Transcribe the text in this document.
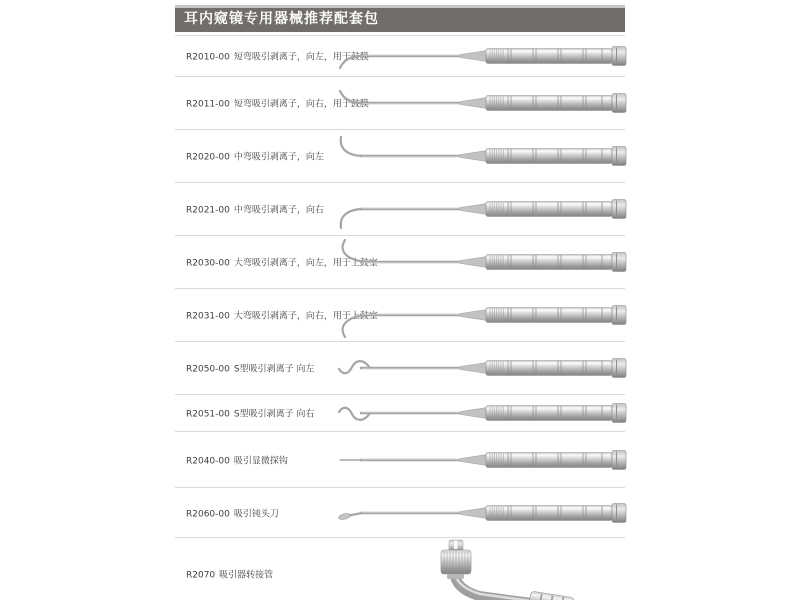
耳内窥镜专用器械推荐配套包
R2010-00 短弯吸引剥离子，向左，用于鼓膜
R2011-00 短弯吸引剥离子，向右，用于鼓膜
R2020-00 中弯吸引剥离子，向左
R2021-00 中弯吸引剥离子，向右
R2030-00 大弯吸引剥离子，向左，用于上鼓室
R2031-00 大弯吸引剥离子，向右，用于上鼓室
R2050-00 S型吸引剥离子 向左
R2051-00 S型吸引剥离子 向右
R2040-00 吸引显微探钩
R2060-00 吸引钝头刀
R2070 吸引器转接管
